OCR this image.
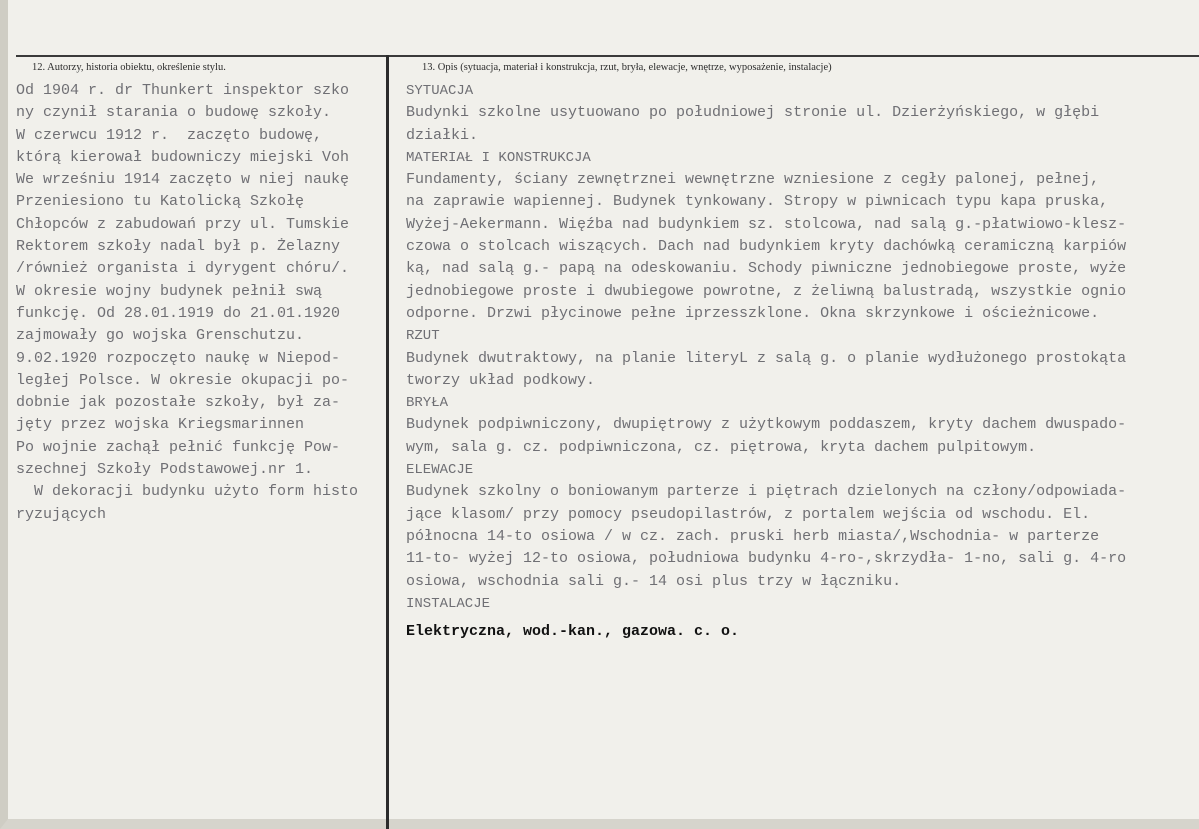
12. Autorzy, historia obiektu, określenie stylu.	13. Opis (sytuacja, materiał i konstrukcja, rzut, bryła, elewacje, wnętrze, wyposażenie, instalacje)
Od 1904 r. dr Thunkert inspektor szko
ny czynił starania o budowę szkoły.
W czerwcu 1912 r.  zaczęto budowę,
którą kierował budowniczy miejski Voh
We wrześniu 1914 zaczęto w niej naukę
Przeniesiono tu Katolicką Szkołę
Chłopców z zabudowań przy ul. Tumskie
Rektorem szkoły nadal był p. Żelazny
/również organista i dyrygent chóru/.
W okresie wojny budynek pełnił swą
funkcję. Od 28.01.1919 do 21.01.1920
zajmowały go wojska Grenschutzu.
9.02.1920 rozpoczęto naukę w Niepod-
ległej Polsce. W okresie okupacji po-
dobnie jak pozostałe szkoły, był za-
jęty przez wojska Kriegsmarinnen
Po wojnie zachął pełnić funkcję Pow-
szechnej Szkoły Podstawowej.nr 1.
W dekoracji budynku użyto form histo
ryzujących
SYTUACJA
Budynki szkolne usytuowano po południowej stronie ul. Dzierżyńskiego, w głębi
działki.
MATERIAŁ I KONSTRUKCJA
Fundamenty, ściany zewnętrznei wewnętrzne wzniesione z cegły palonej, pełnej,
na zaprawie wapiennej. Budynek tynkowany. Stropy w piwnicach typu kapa pruska,
Wyżej-Aekermann. Więźba nad budynkiem sz. stolcowa, nad salą g.-płatwiowo-klesz-
czowa o stolcach wiszących. Dach nad budynkiem kryty dachówką ceramiczną karpiów
ką, nad salą g.- papą na odeskowaniu. Schody piwniczne jednobiegowe proste, wyże
jednobiegowe proste i dwubiegowe powrotne, z żeliwną balustradą, wszystkie ognio
odporne. Drzwi płycinowe pełne iprzesszklone. Okna skrzynkowe i ościeżnicowe.
RZUT
Budynek dwutraktowy, na planie literyL z salą g. o planie wydłużonego prostokąta
tworzy układ podkowy.
BRYŁA
Budynek podpiwniczony, dwupiętrowy z użytkowym poddaszem, kryty dachem dwuspado-
wym, sala g. cz. podpiwniczona, cz. piętrowa, kryta dachem pulpitowym.
ELEWACJE
Budynek szkolny o boniowanym parterze i piętrach dzielonych na człony/odpowiada-
jące klasom/ przy pomocy pseudopilastrów, z portalem wejścia od wschodu. El.
północna 14-to osiowa / w cz. zach. pruski herb miasta/,Wschodnia- w parterze
11-to- wyżej 12-to osiowa, południowa budynku 4-ro-,skrzydła- 1-no, sali g. 4-ro
osiowa, wschodnia sali g.- 14 osi plus trzy w łączniku.
INSTALACJE
Elektryczna, wod.-kan., gazowa. c. o.
